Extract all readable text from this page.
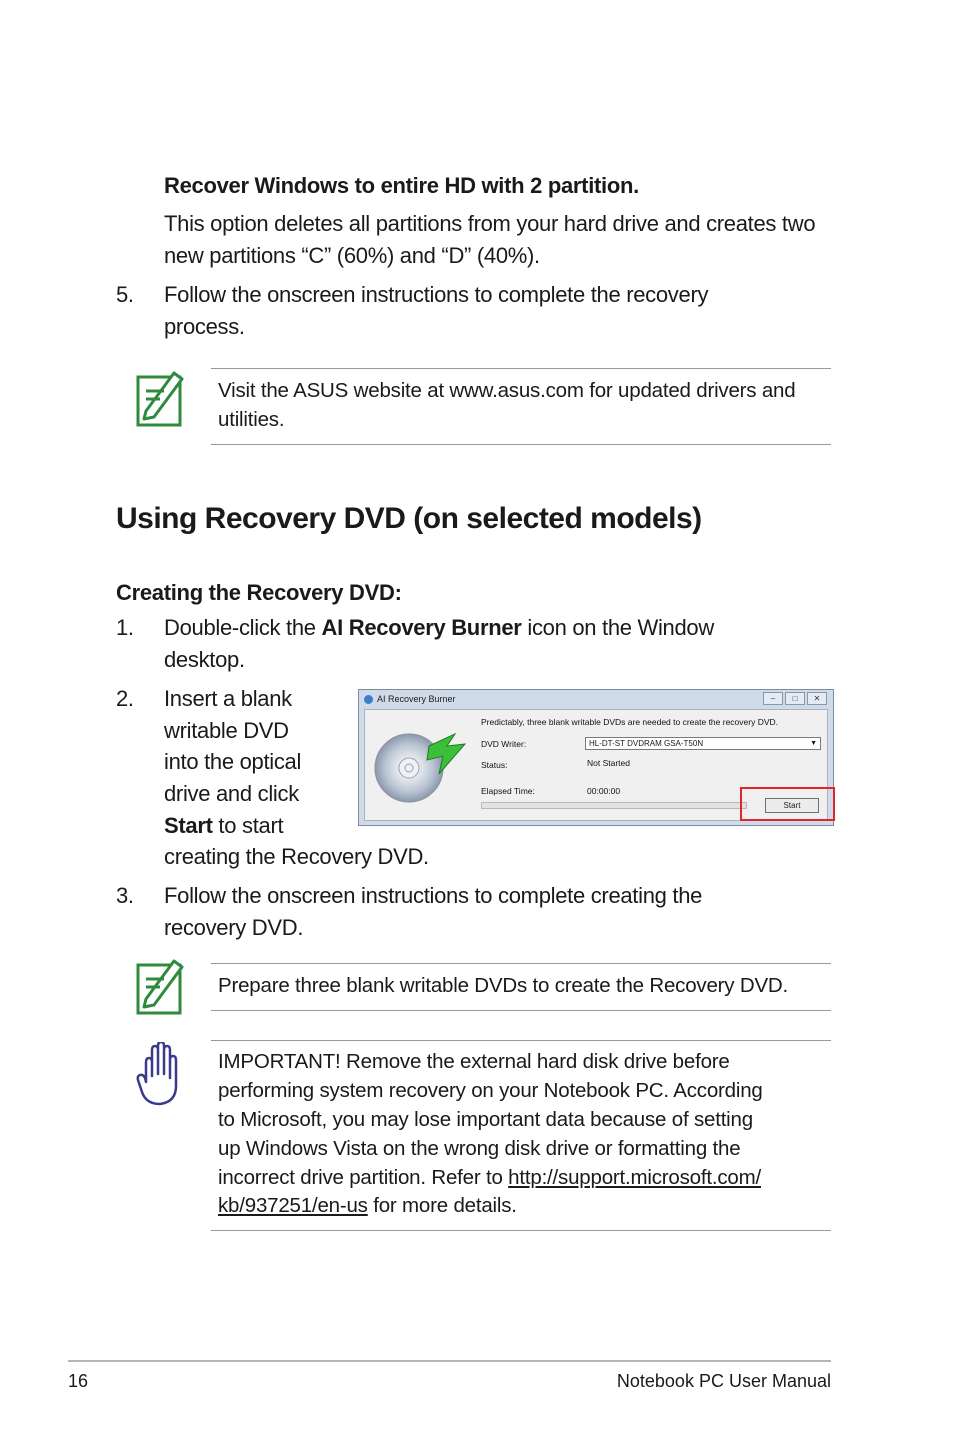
Recover Windows to entire HD with 2 partition.
This option deletes all partitions from your hard drive and creates two
new partitions “C” (60%) and “D” (40%).
5. Follow the onscreen instructions to complete the recovery
process.
Visit the ASUS website at www.asus.com for updated drivers and
utilities.
Using Recovery DVD (on selected models)
Creating the Recovery DVD:
1. Double-click the AI Recovery Burner icon on the Window
desktop.
2. Insert a blank
writable DVD
into the optical
drive and click
Start to start
creating the Recovery DVD.
AI Recovery Burner	–	□	✕
Predictably, three blank writable DVDs are needed to create the recovery DVD.
DVD Writer:	HL-DT-ST DVDRAM GSA-T50N	▼
Status:	Not Started
Elapsed Time:	00:00:00
Start
3. Follow the onscreen instructions to complete creating the
recovery DVD.
Prepare three blank writable DVDs to create the Recovery DVD.
IMPORTANT! Remove the external hard disk drive before
performing system recovery on your Notebook PC. According
to Microsoft, you may lose important data because of setting
up Windows Vista on the wrong disk drive or formatting the
incorrect drive partition. Refer to http://support.microsoft.com/
kb/937251/en-us for more details.
16	Notebook PC User Manual
